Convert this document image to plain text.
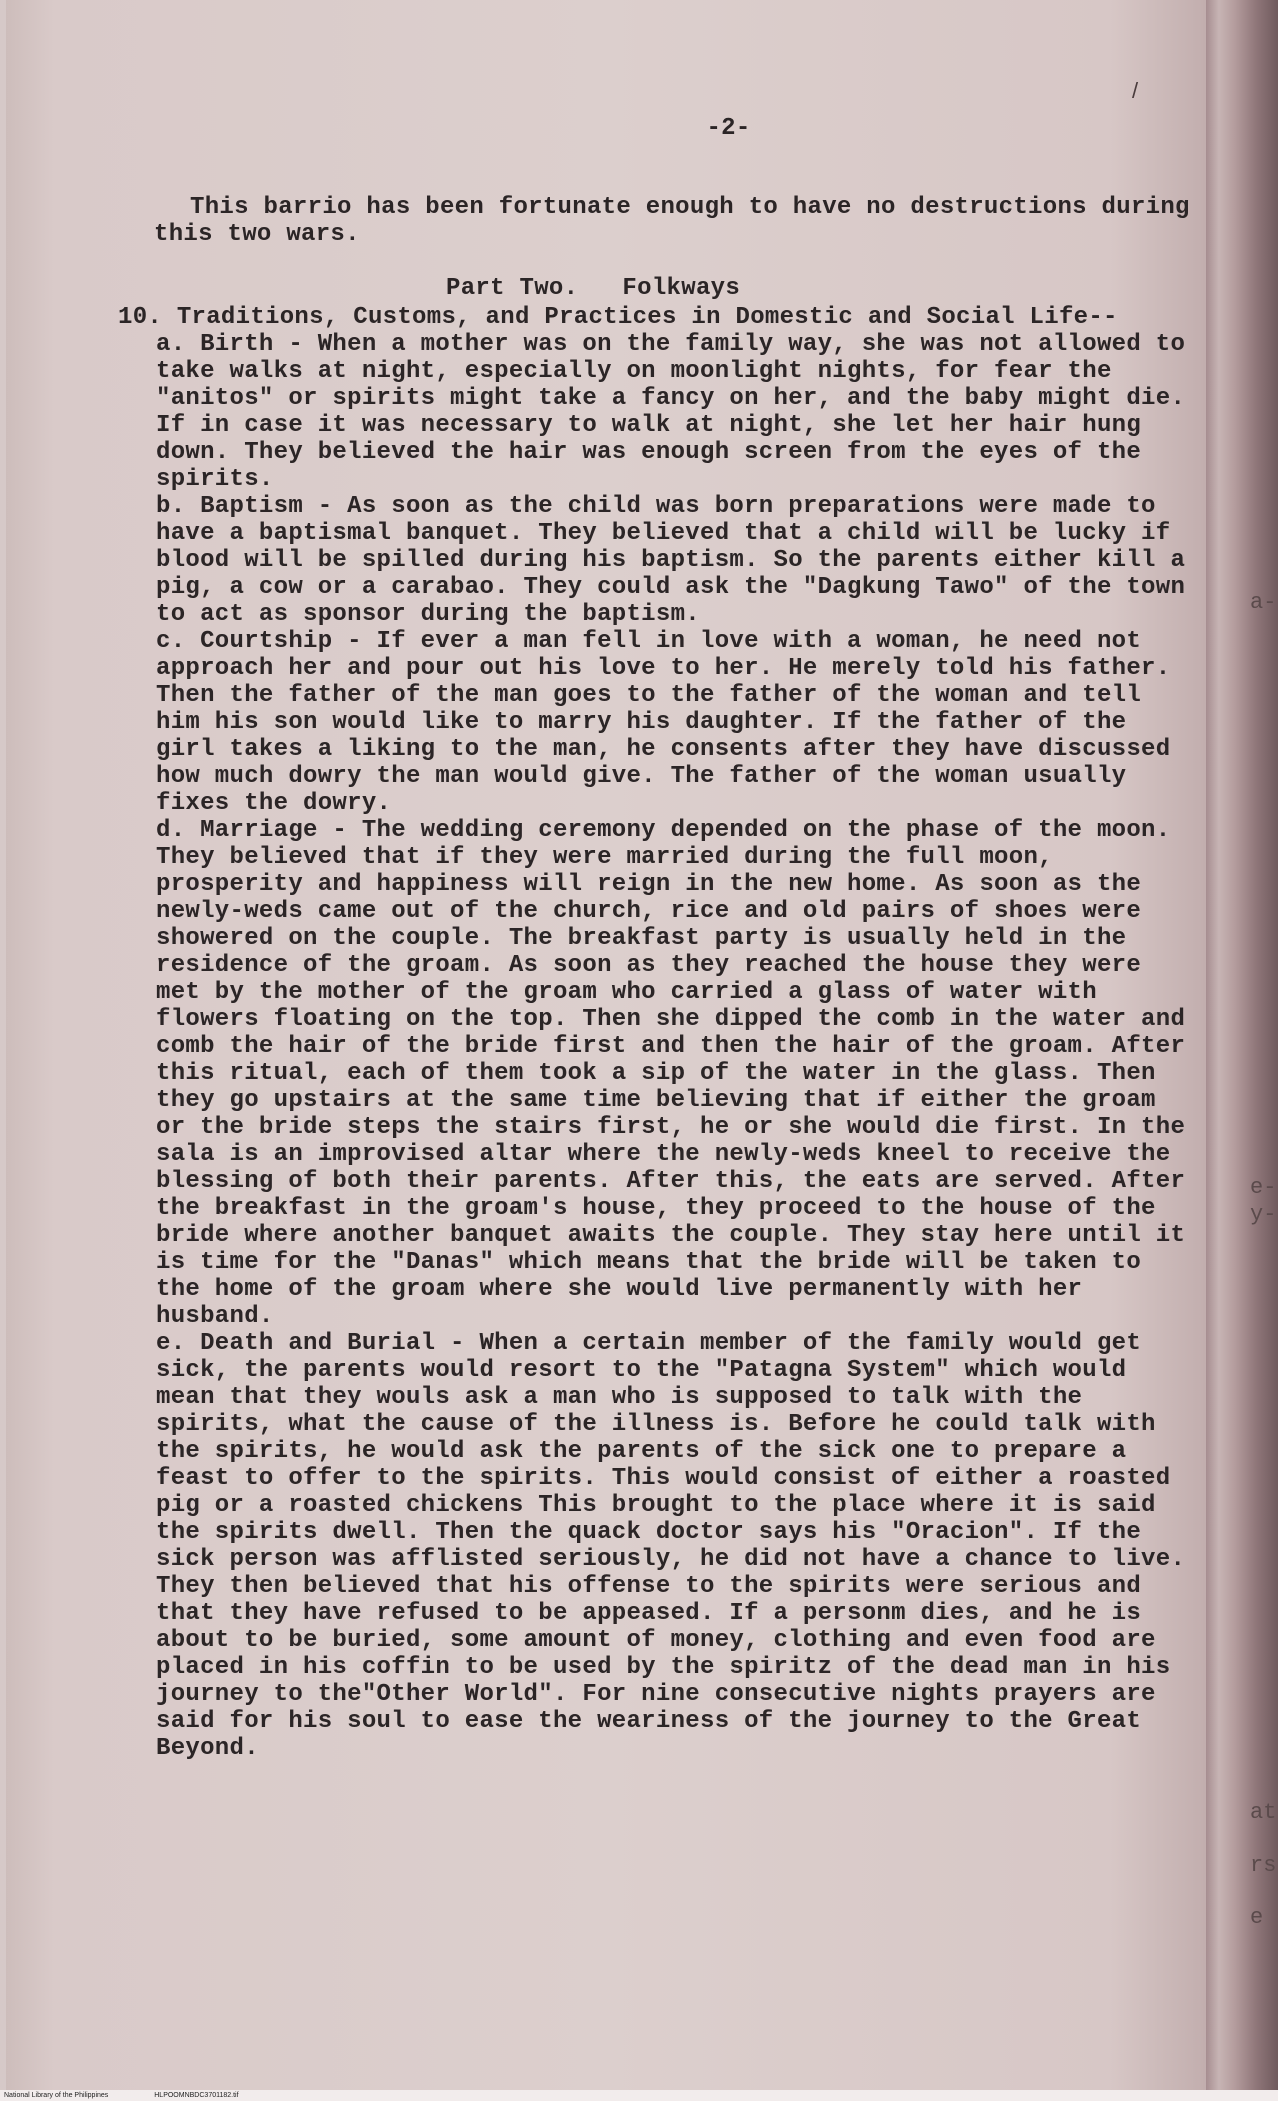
-2-
This barrio has been fortunate enough to have no destructions during this two wars.
Part Two.   Folkways
10. Traditions, Customs, and Practices in Domestic and Social Life--
a. Birth - When a mother was on the family way, she was not allowed to take walks at night, especially on moonlight nights, for fear the "anitos" or spirits might take a fancy on her, and the baby might die. If in case it was necessary to walk at night, she let her hair hung down. They believed the hair was enough screen from the eyes of the spirits.
b. Baptism - As soon as the child was born preparations were made to have a baptismal banquet. They believed that a child will be lucky if blood will be spilled during his baptism. So the parents either kill a pig, a cow or a carabao. They could ask the "Dagkung Tawo" of the town to act as sponsor during the baptism.
c. Courtship - If ever a man fell in love with a woman, he need not approach her and pour out his love to her. He merely told his father. Then the father of the man goes to the father of the woman and tell him his son would like to marry his daughter. If the father of the girl takes a liking to the man, he consents after they have discussed how much dowry the man would give. The father of the woman usually fixes the dowry.
d. Marriage - The wedding ceremony depended on the phase of the moon. They believed that if they were married during the full moon, prosperity and happiness will reign in the new home. As soon as the newly-weds came out of the church, rice and old pairs of shoes were showered on the couple. The breakfast party is usually held in the residence of the groam. As soon as they reached the house they were met by the mother of the groam who carried a glass of water with flowers floating on the top. Then she dipped the comb in the water and comb the hair of the bride first and then the hair of the groam. After this ritual, each of them took a sip of the water in the glass. Then they go upstairs at the same time believing that if either the groam or the bride steps the stairs first, he or she would die first. In the sala is an improvised altar where the newly-weds kneel to receive the blessing of both their parents. After this, the eats are served. After the breakfast in the groam's house, they proceed to the house of the bride where another banquet awaits the couple. They stay here until it is time for the "Danas" which means that the bride will be taken to the home of the groam where she would live permanently with her husband.
e. Death and Burial - When a certain member of the family would get sick, the parents would resort to the "Patagna System" which would mean that they wouls ask a man who is supposed to talk with the spirits, what the cause of the illness is. Before he could talk with the spirits, he would ask the parents of the sick one to prepare a feast to offer to the spirits. This would consist of either a roasted pig or a roasted chickens This brought to the place where it is said the spirits dwell. Then the quack doctor says his "Oracion". If the sick person was afflisted seriously, he did not have a chance to live. They then believed that his offense to the spirits were serious and that they have refused to be appeased. If a personm dies, and he is about to be buried, some amount of money, clothing and even food are placed in his coffin to be used by the spiritz of the dead man in his journey to the"Other World". For nine consecutive nights prayers are said for his soul to ease the weariness of the journey to the Great Beyond.
a-
e-
y-
at
rs
e
/
National Library of the Philippines	HLPOOMNBDC3701182.tif
